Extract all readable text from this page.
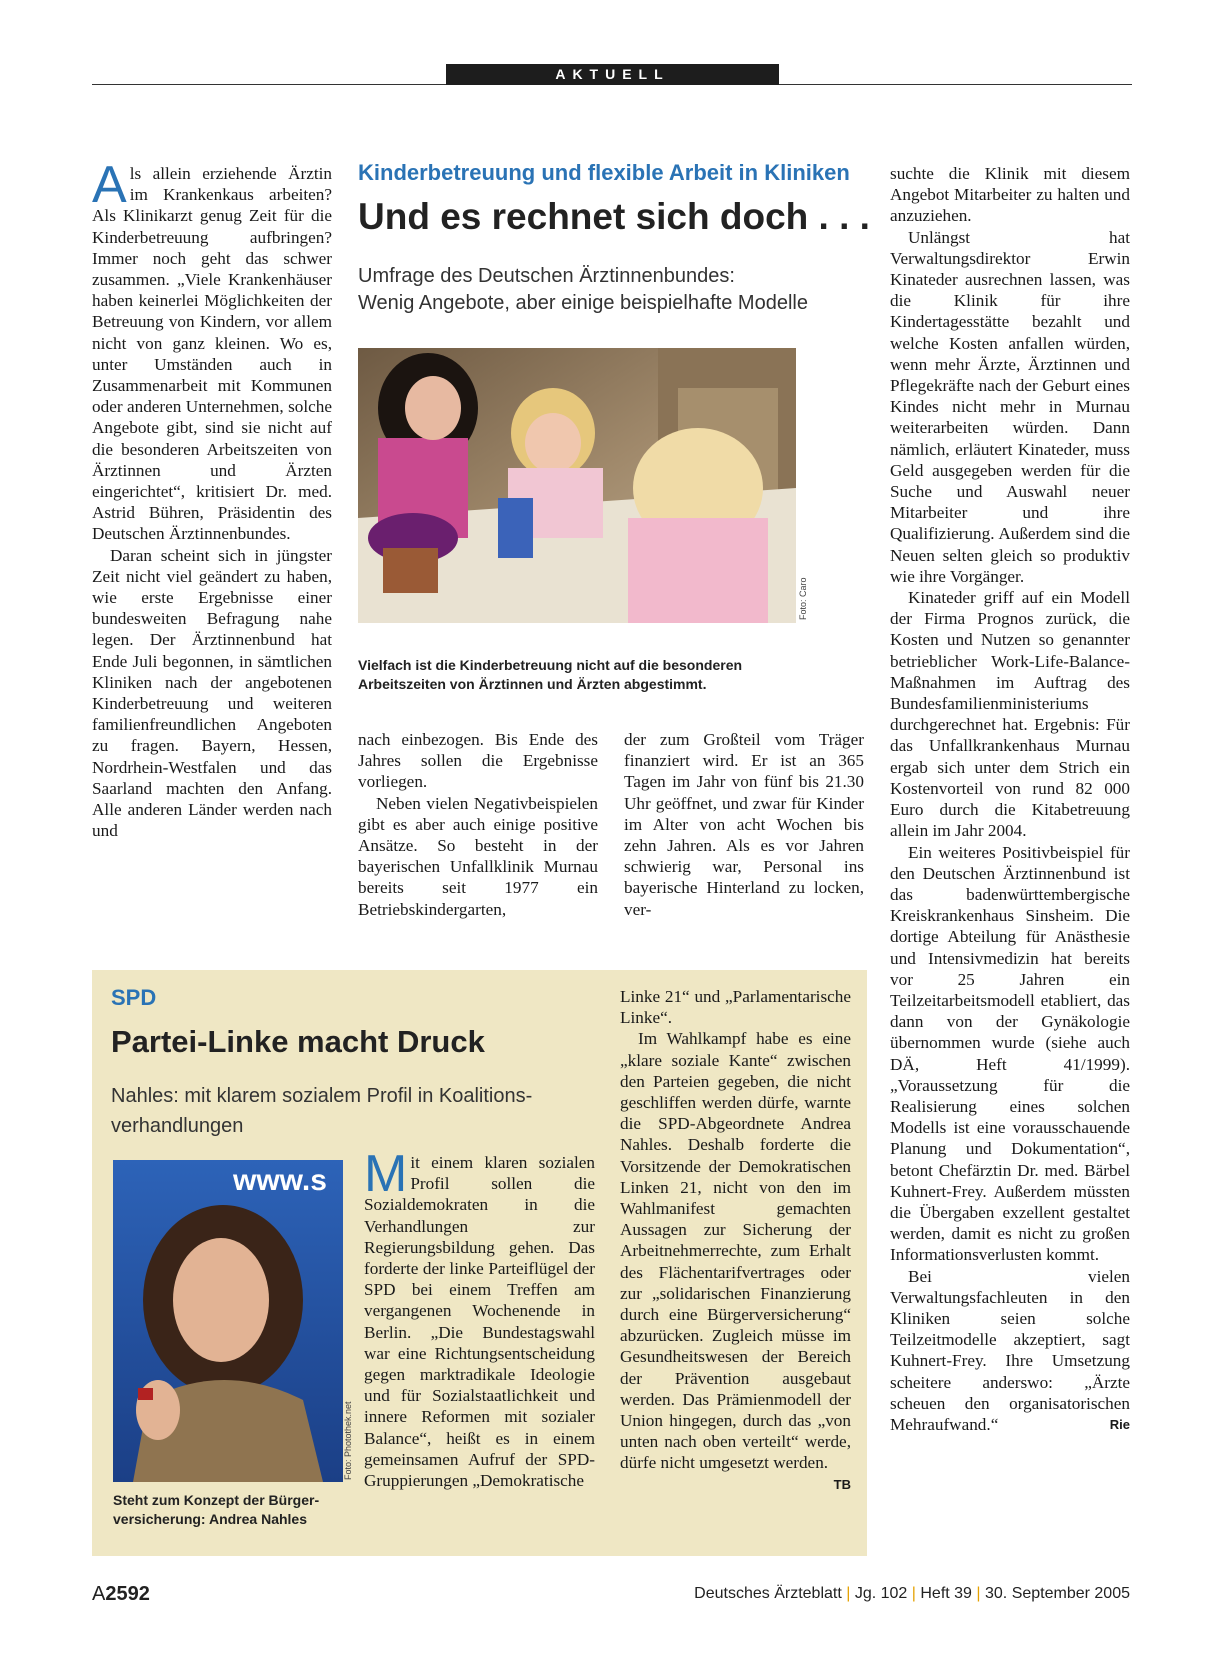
AKTUELL

Als allein erziehende Ärztin im Krankenkaus arbeiten? Als Klinikarzt genug Zeit für die Kinderbetreuung aufbringen? Immer noch geht das schwer zusammen. „Viele Krankenhäuser haben keinerlei Möglichkeiten der Betreuung von Kindern, vor allem nicht von ganz kleinen. Wo es, unter Umständen auch in Zusammenarbeit mit Kommunen oder anderen Unternehmen, solche Angebote gibt, sind sie nicht auf die besonderen Arbeitszeiten von Ärztinnen und Ärzten eingerichtet“, kritisiert Dr. med. Astrid Bühren, Präsidentin des Deutschen Ärztinnenbundes.

Daran scheint sich in jüngster Zeit nicht viel geändert zu haben, wie erste Ergebnisse einer bundesweiten Befragung nahe legen. Der Ärztinnenbund hat Ende Juli begonnen, in sämtlichen Kliniken nach der angebotenen Kinderbetreuung und weiteren familienfreundlichen Angeboten zu fragen. Bayern, Hessen, Nordrhein-Westfalen und das Saarland machten den Anfang. Alle anderen Länder werden nach und

Kinderbetreuung und flexible Arbeit in Kliniken
Und es rechnet sich doch . . .
Umfrage des Deutschen Ärztinnenbundes:
Wenig Angebote, aber einige beispielhafte Modelle
Foto: Caro
Vielfach ist die Kinderbetreuung nicht auf die besonderen
Arbeitszeiten von Ärztinnen und Ärzten abgestimmt.

nach einbezogen. Bis Ende des Jahres sollen die Ergebnisse vorliegen.

Neben vielen Negativbeispielen gibt es aber auch einige positive Ansätze. So besteht in der bayerischen Unfallklinik Murnau bereits seit 1977 ein Betriebskindergarten,

der zum Großteil vom Träger finanziert wird. Er ist an 365 Tagen im Jahr von fünf bis 21.30 Uhr geöffnet, und zwar für Kinder im Alter von acht Wochen bis zehn Jahren. Als es vor Jahren schwierig war, Personal ins bayerische Hinterland zu locken, ver-

suchte die Klinik mit diesem Angebot Mitarbeiter zu halten und anzuziehen.

Unlängst hat Verwaltungsdirektor Erwin Kinateder ausrechnen lassen, was die Klinik für ihre Kindertagesstätte bezahlt und welche Kosten anfallen würden, wenn mehr Ärzte, Ärztinnen und Pflegekräfte nach der Geburt eines Kindes nicht mehr in Murnau weiterarbeiten würden. Dann nämlich, erläutert Kinateder, muss Geld ausgegeben werden für die Suche und Auswahl neuer Mitarbeiter und ihre Qualifizierung. Außerdem sind die Neuen selten gleich so produktiv wie ihre Vorgänger.

Kinateder griff auf ein Modell der Firma Prognos zurück, die Kosten und Nutzen so genannter betrieblicher Work-Life-Balance-Maßnahmen im Auftrag des Bundesfamilienministeriums durchgerechnet hat. Ergebnis: Für das Unfallkrankenhaus Murnau ergab sich unter dem Strich ein Kostenvorteil von rund 82 000 Euro durch die Kitabetreuung allein im Jahr 2004.

Ein weiteres Positivbeispiel für den Deutschen Ärztinnenbund ist das badenwürttembergische Kreiskrankenhaus Sinsheim. Die dortige Abteilung für Anästhesie und Intensivmedizin hat bereits vor 25 Jahren ein Teilzeitarbeitsmodell etabliert, das dann von der Gynäkologie übernommen wurde (siehe auch DÄ, Heft 41/1999). „Voraussetzung für die Realisierung eines solchen Modells ist eine vorausschauende Planung und Dokumentation“, betont Chefärztin Dr. med. Bärbel Kuhnert-Frey. Außerdem müssten die Übergaben exzellent gestaltet werden, damit es nicht zu großen Informationsverlusten kommt.

Bei vielen Verwaltungsfachleuten in den Kliniken seien solche Teilzeitmodelle akzeptiert, sagt Kuhnert-Frey. Ihre Umsetzung scheitere anderswo: „Ärzte scheuen den organisatorischen Mehraufwand.“	Rie

SPD
Partei-Linke macht Druck
Nahles: mit klarem sozialem Profil in Koalitions-
verhandlungen
www.s
Foto: Photothek.net
Steht zum Konzept der Bürger-
versicherung: Andrea Nahles

Mit einem klaren sozialen Profil sollen die Sozialdemokraten in die Verhandlungen zur Regierungsbildung gehen. Das forderte der linke Parteiflügel der SPD bei einem Treffen am vergangenen Wochenende in Berlin. „Die Bundestagswahl war eine Richtungsentscheidung gegen marktradikale Ideologie und für Sozialstaatlichkeit und innere Reformen mit sozialer Balance“, heißt es in einem gemeinsamen Aufruf der SPD-Gruppierungen „Demokratische

Linke 21“ und „Parlamentarische Linke“.

Im Wahlkampf habe es eine „klare soziale Kante“ zwischen den Parteien gegeben, die nicht geschliffen werden dürfe, warnte die SPD-Abgeordnete Andrea Nahles. Deshalb forderte die Vorsitzende der Demokratischen Linken 21, nicht von den im Wahlmanifest gemachten Aussagen zur Sicherung der Arbeitnehmerrechte, zum Erhalt des Flächentarifvertrages oder zur „solidarischen Finanzierung durch eine Bürgerversicherung“ abzurücken. Zugleich müsse im Gesundheitswesen der Bereich der Prävention ausgebaut werden. Das Prämienmodell der Union hingegen, durch das „von unten nach oben verteilt“ werde, dürfe nicht umgesetzt werden.
TB

A2592	Deutsches Ärzteblatt | Jg. 102 | Heft 39 | 30. September 2005
